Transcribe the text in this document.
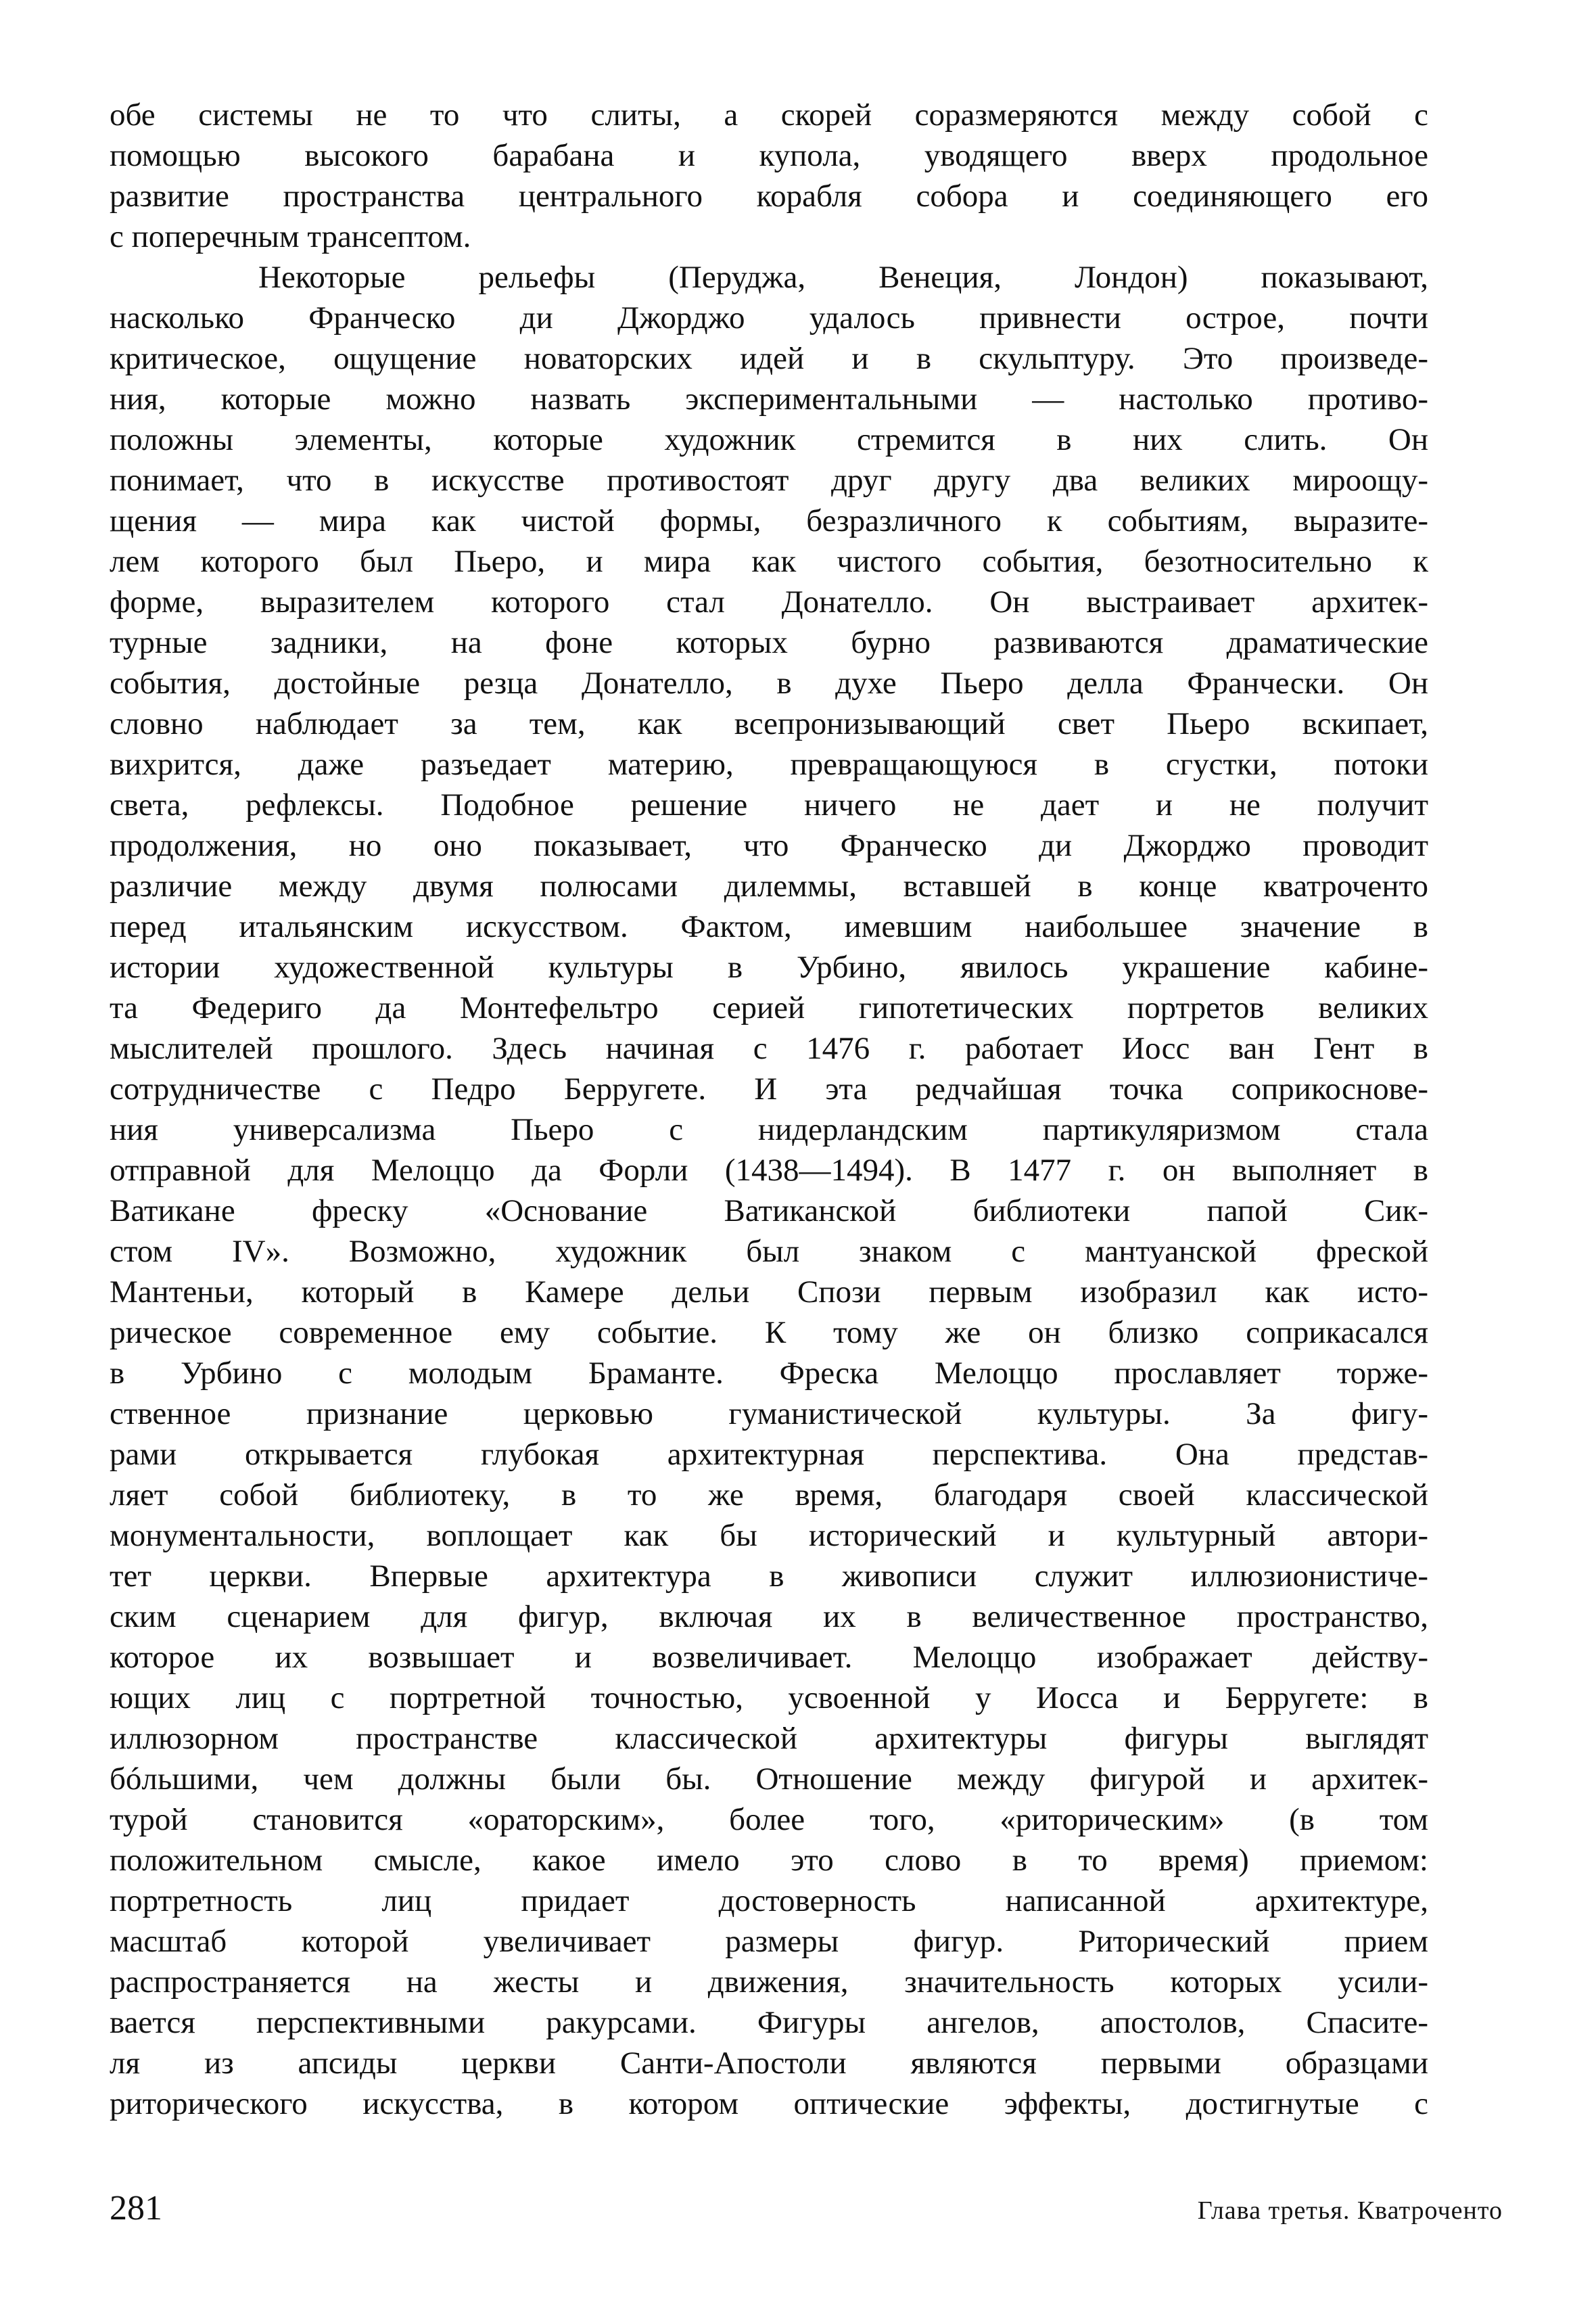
обе системы не то что слиты, а скорей соразмеряются между собой с
помощью высокого барабана и купола, уводящего вверх продольное
развитие пространства центрального корабля собора и соединяющего его
с поперечным трансептом.
Некоторые рельефы (Перуджа, Венеция, Лондон) показывают,
насколько Франческо ди Джорджо удалось привнести острое, почти
критическое, ощущение новаторских идей и в скульптуру. Это произведе-
ния, которые можно назвать экспериментальными — настолько противо-
положны элементы, которые художник стремится в них слить. Он
понимает, что в искусстве противостоят друг другу два великих мироощу-
щения — мира как чистой формы, безразличного к событиям, выразите-
лем которого был Пьеро, и мира как чистого события, безотносительно к
форме, выразителем которого стал Донателло. Он выстраивает архитек-
турные задники, на фоне которых бурно развиваются драматические
события, достойные резца Донателло, в духе Пьеро делла Франчески. Он
словно наблюдает за тем, как всепронизывающий свет Пьеро вскипает,
вихрится, даже разъедает материю, превращающуюся в сгустки, потоки
света, рефлексы. Подобное решение ничего не дает и не получит
продолжения, но оно показывает, что Франческо ди Джорджо проводит
различие между двумя полюсами дилеммы, вставшей в конце кватроченто
перед итальянским искусством. Фактом, имевшим наибольшее значение в
истории художественной культуры в Урбино, явилось украшение кабине-
та Федериго да Монтефельтро серией гипотетических портретов великих
мыслителей прошлого. Здесь начиная с 1476 г. работает Иосс ван Гент в
сотрудничестве с Педро Берругете. И эта редчайшая точка соприкоснове-
ния универсализма Пьеро с нидерландским партикуляризмом стала
отправной для Мелоццо да Форли (1438—1494). В 1477 г. он выполняет в
Ватикане фреску «Основание Ватиканской библиотеки папой Сик-
стом IV». Возможно, художник был знаком с мантуанской фреской
Мантеньи, который в Камере дельи Спози первым изобразил как исто-
рическое современное ему событие. К тому же он близко соприкасался
в Урбино с молодым Браманте. Фреска Мелоццо прославляет торже-
ственное признание церковью гуманистической культуры. За фигу-
рами открывается глубокая архитектурная перспектива. Она представ-
ляет собой библиотеку, в то же время, благодаря своей классической
монументальности, воплощает как бы исторический и культурный автори-
тет церкви. Впервые архитектура в живописи служит иллюзионистиче-
ским сценарием для фигур, включая их в величественное пространство,
которое их возвышает и возвеличивает. Мелоццо изображает действу-
ющих лиц с портретной точностью, усвоенной у Иосса и Берругете: в
иллюзорном пространстве классической архитектуры фигуры выглядят
бóльшими, чем должны были бы. Отношение между фигурой и архитек-
турой становится «ораторским», более того, «риторическим» (в том
положительном смысле, какое имело это слово в то время) приемом:
портретность лиц придает достоверность написанной архитектуре,
масштаб которой увеличивает размеры фигур. Риторический прием
распространяется на жесты и движения, значительность которых усили-
вается перспективными ракурсами. Фигуры ангелов, апостолов, Спасите-
ля из апсиды церкви Санти-Апостоли являются первыми образцами
риторического искусства, в котором оптические эффекты, достигнутые с
281	Глава третья. Кватроченто
